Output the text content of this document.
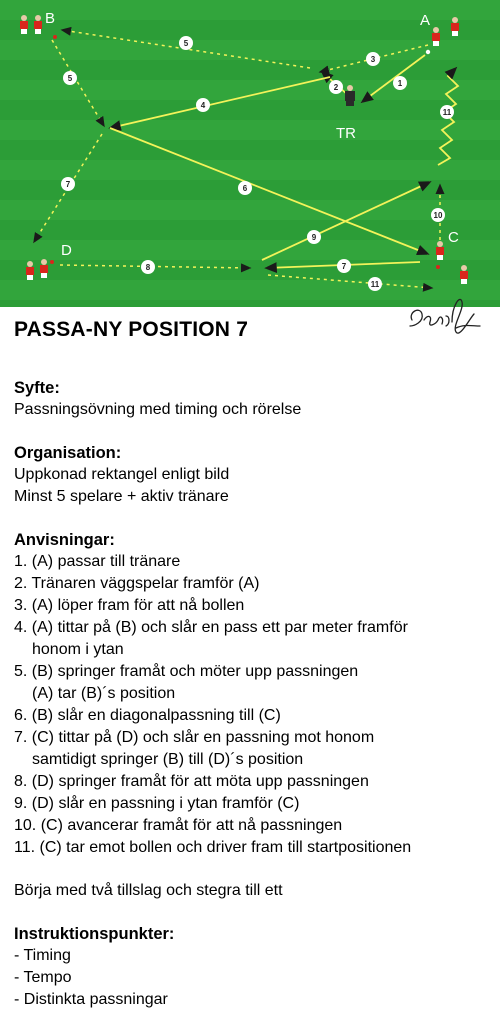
1
2
3
4
5
5
6
7
7
8
9
10
11
11
B	A
TR
C
D
PASSA-NY POSITION 7
Syfte:
Passningsövning med timing och rörelse
Organisation:
Uppkonad rektangel enligt bild
Minst 5 spelare + aktiv tränare
Anvisningar:
1. (A) passar till tränare
2. Tränaren väggspelar framför (A)
3. (A) löper fram för att nå bollen
4. (A) tittar på (B) och slår en pass ett par meter framför
honom i ytan
5. (B) springer framåt och möter upp passningen
(A) tar (B)´s position
6. (B) slår en diagonalpassning till (C)
7. (C) tittar på (D) och slår en passning mot honom
samtidigt springer (B) till (D)´s position
8. (D) springer framåt för att möta upp passningen
9. (D) slår en passning i ytan framför (C)
10. (C) avancerar framåt för att nå passningen
11. (C) tar emot bollen och driver fram till startpositionen
Börja med två tillslag och stegra till ett
Instruktionspunkter:
- Timing
- Tempo
- Distinkta passningar
